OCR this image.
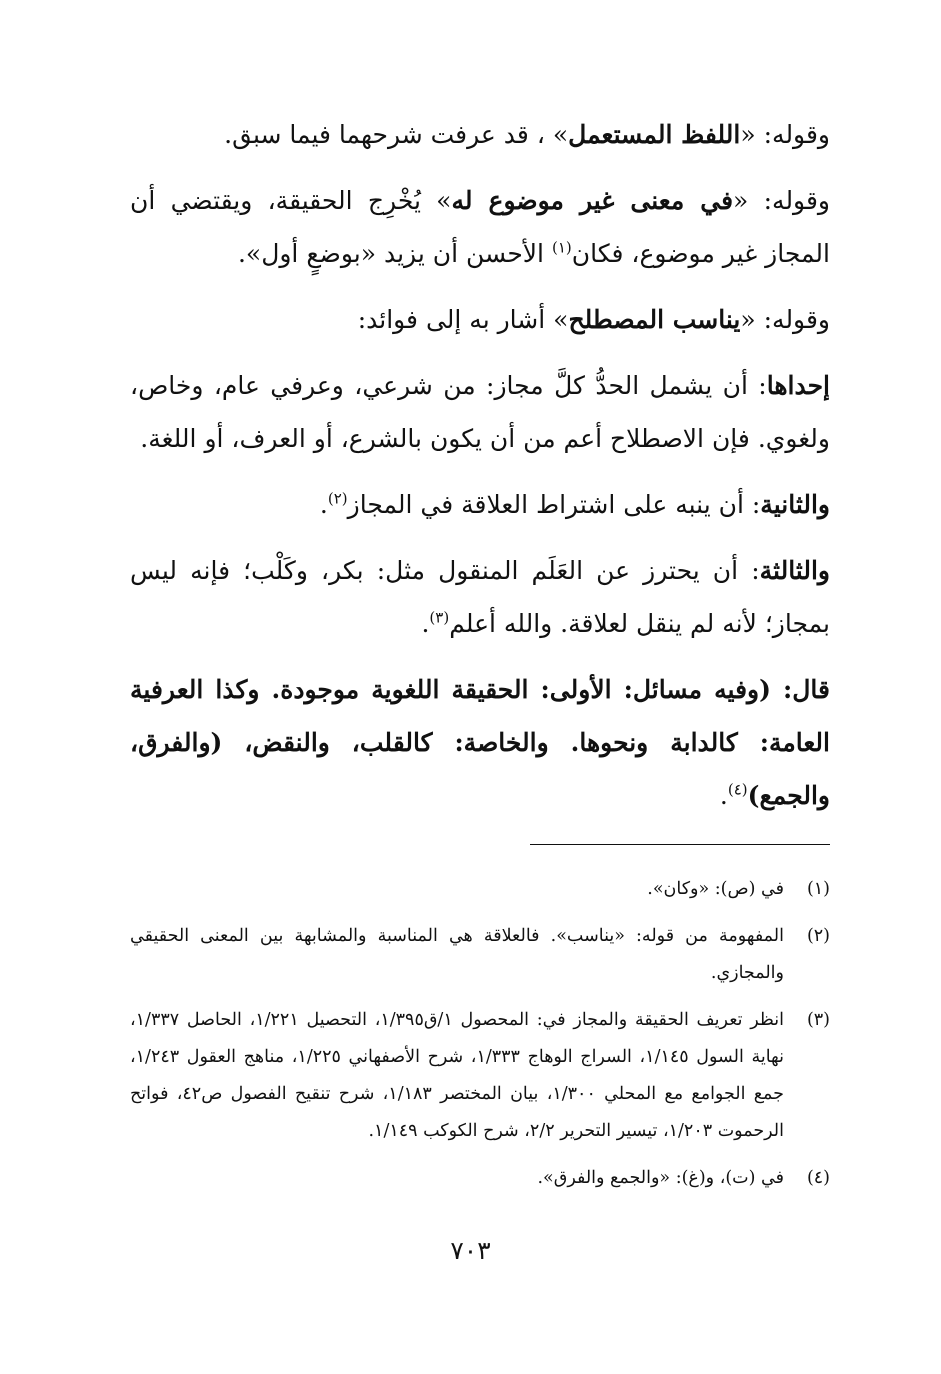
وقوله: «اللفظ المستعمل» ، قد عرفت شرحهما فيما سبق.

وقوله: «في معنى غير موضوع له» يُخْرِج الحقيقة، ويقتضي أن المجاز غير موضوع، فكان$^{(١)}$ الأحسن أن يزيد «بوضعٍ أول».

وقوله: «يناسب المصطلح» أشار به إلى فوائد:

إحداها: أن يشمل الحدُّ كلَّ مجاز: من شرعي، وعرفي عام، وخاص، ولغوي. فإن الاصطلاح أعم من أن يكون بالشرع، أو العرف، أو اللغة.

والثانية: أن ينبه على اشتراط العلاقة في المجاز$^{(٢)}$.

والثالثة: أن يحترز عن العَلَم المنقول مثل: بكر، وكَلْب؛ فإنه ليس بمجاز؛ لأنه لم ينقل لعلاقة. والله أعلم$^{(٣)}$.

قال: (وفيه مسائل: الأولى: الحقيقة اللغوية موجودة. وكذا العرفية العامة: كالدابة ونحوها. والخاصة: كالقلب، والنقض، (والفرق، والجمع)$^{(٤)}$.

(١)
في (ص): «وكان».
(٢)
المفهومة من قوله: «يناسب». فالعلاقة هي المناسبة والمشابهة بين المعنى الحقيقي والمجازي.
(٣)
انظر تعريف الحقيقة والمجاز في: المحصول ١/ق١/٣٩٥، التحصيل ١/٢٢١، الحاصل ١/٣٣٧، نهاية السول ١/١٤٥، السراج الوهاج ١/٣٣٣، شرح الأصفهاني ١/٢٢٥، مناهج العقول ١/٢٤٣، جمع الجوامع مع المحلي ١/٣٠٠، بيان المختصر ١/١٨٣، شرح تنقيح الفصول ص٤٢، فواتح الرحموت ١/٢٠٣، تيسير التحرير ٢/٢، شرح الكوكب ١/١٤٩.
(٤)
في (ت)، و(غ): «والجمع والفرق».
٧٠٣
